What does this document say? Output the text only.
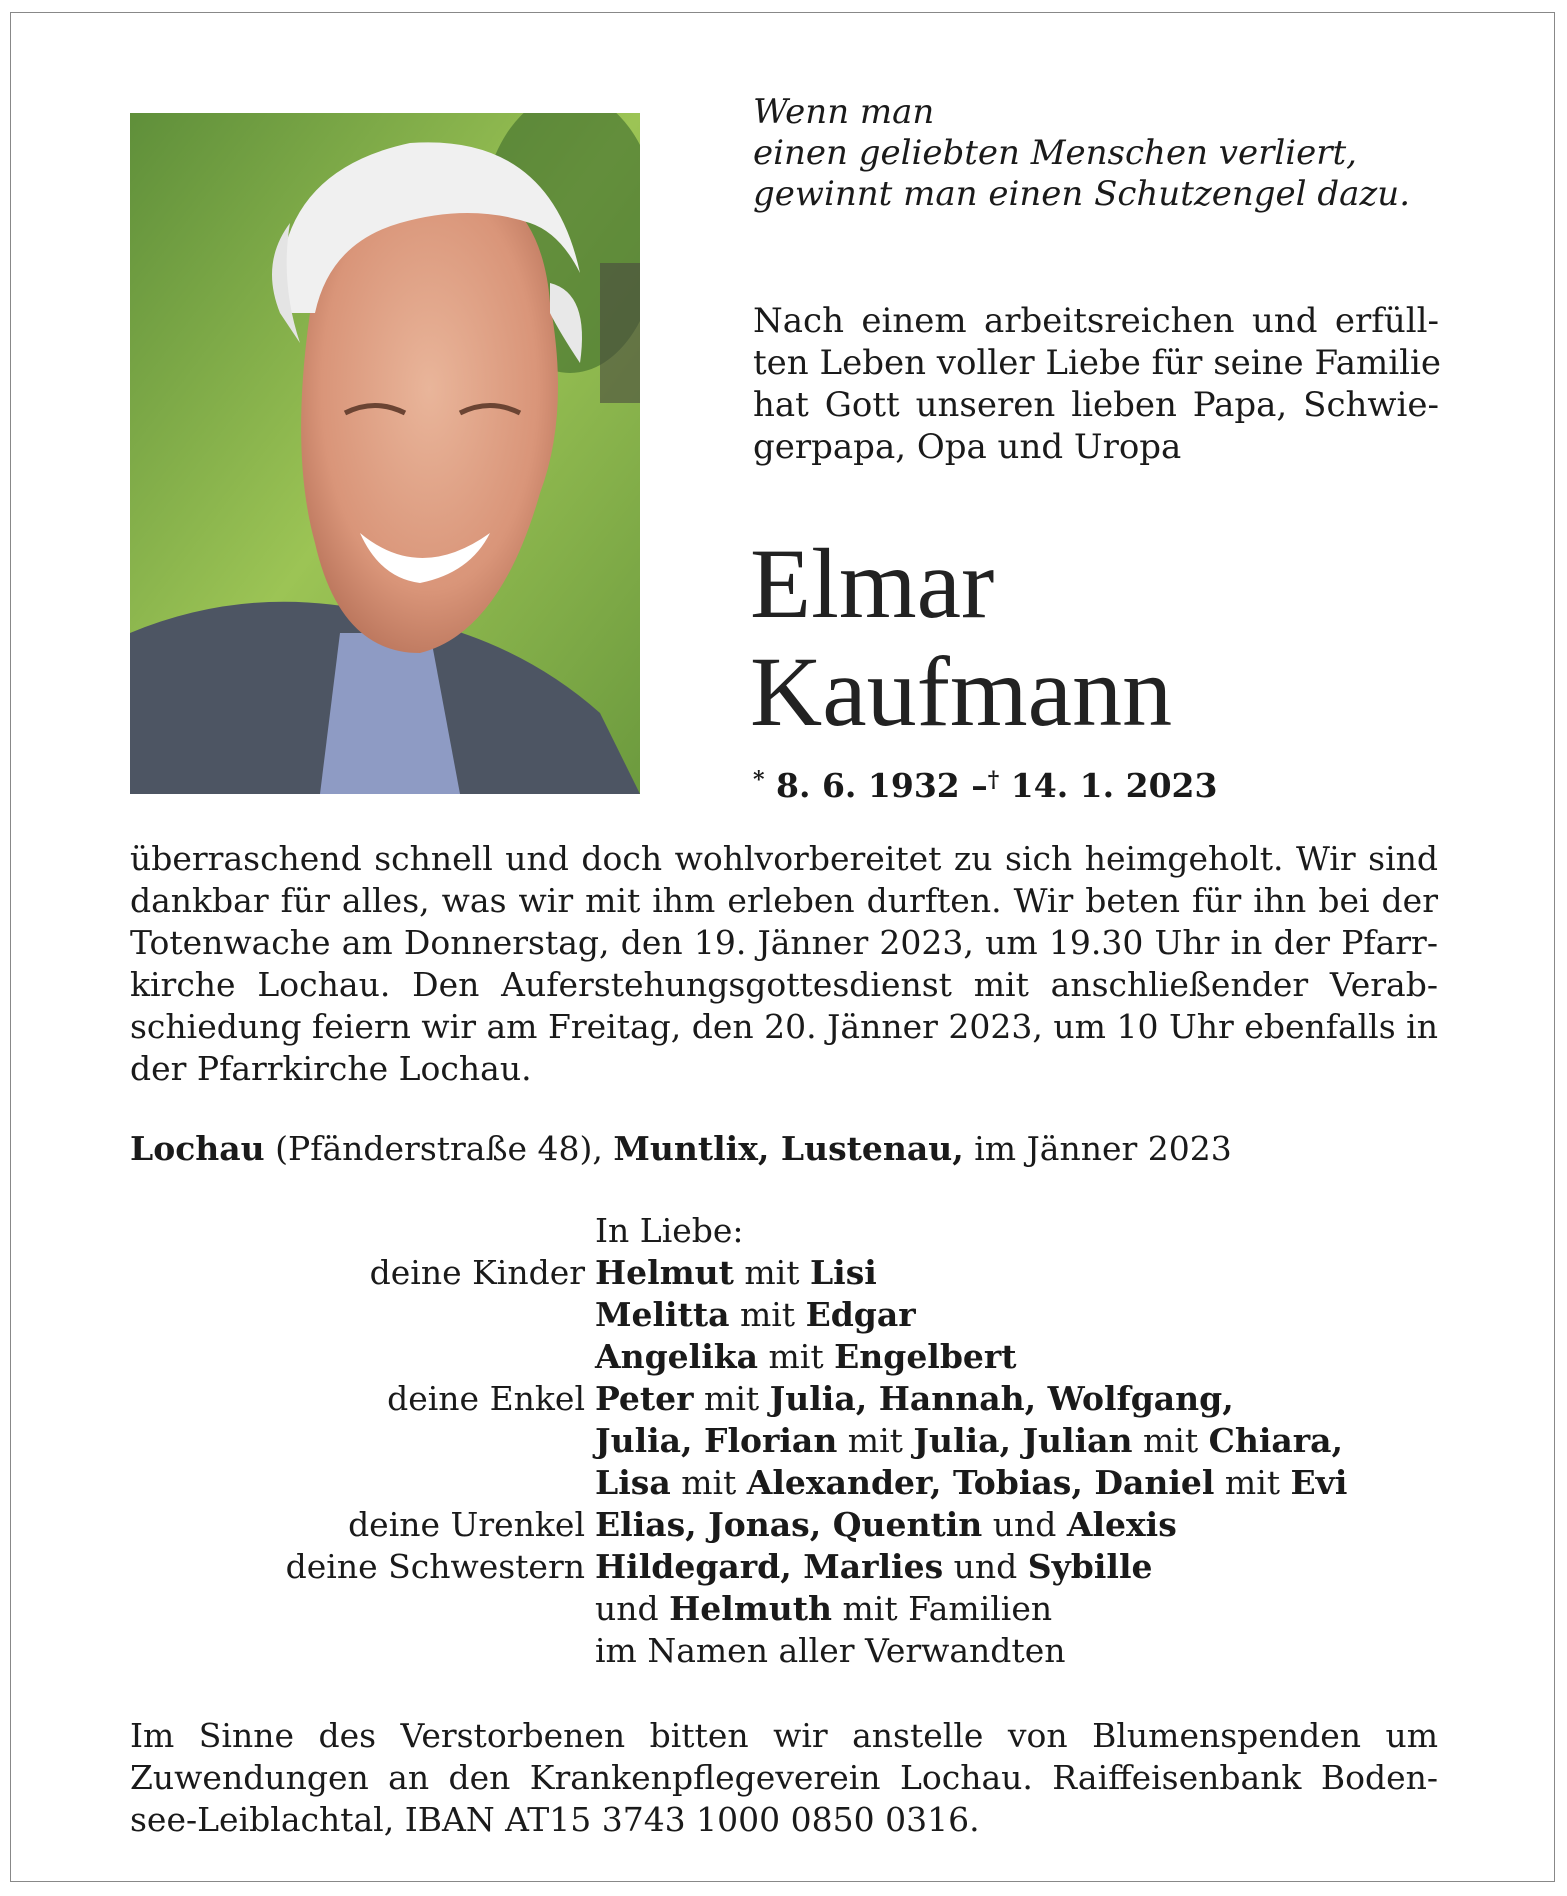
Wenn man
einen geliebten Menschen verliert,
gewinnt man einen Schutzengel dazu.
Nach einem arbeitsreichen und erfüll-
ten Leben voller Liebe für seine Familie
hat Gott unseren lieben Papa, Schwie-
gerpapa, Opa und Uropa
Elmar
Kaufmann
* 8. 6. 1932 –† 14. 1. 2023
überraschend schnell und doch wohlvorbereitet zu sich heimgeholt. Wir sind
dankbar für alles, was wir mit ihm erleben durften. Wir beten für ihn bei der
Totenwache am Donnerstag, den 19. Jänner 2023, um 19.30 Uhr in der Pfarr-
kirche Lochau. Den Auferstehungsgottesdienst mit anschließender Verab-
schiedung feiern wir am Freitag, den 20. Jänner 2023, um 10 Uhr ebenfalls in
der Pfarrkirche Lochau.
Lochau (Pfänderstraße 48), Muntlix, Lustenau, im Jänner 2023
In Liebe:
deine Kinder Helmut mit Lisi
Melitta mit Edgar
Angelika mit Engelbert
deine Enkel Peter mit Julia, Hannah, Wolfgang,
Julia, Florian mit Julia, Julian mit Chiara,
Lisa mit Alexander, Tobias, Daniel mit Evi
deine Urenkel Elias, Jonas, Quentin und Alexis
deine Schwestern Hildegard, Marlies und Sybille
und Helmuth mit Familien
im Namen aller Verwandten
Im Sinne des Verstorbenen bitten wir anstelle von Blumenspenden um
Zuwendungen an den Krankenpflegeverein Lochau. Raiffeisenbank Boden-
see-Leiblachtal, IBAN AT15 3743 1000 0850 0316.
